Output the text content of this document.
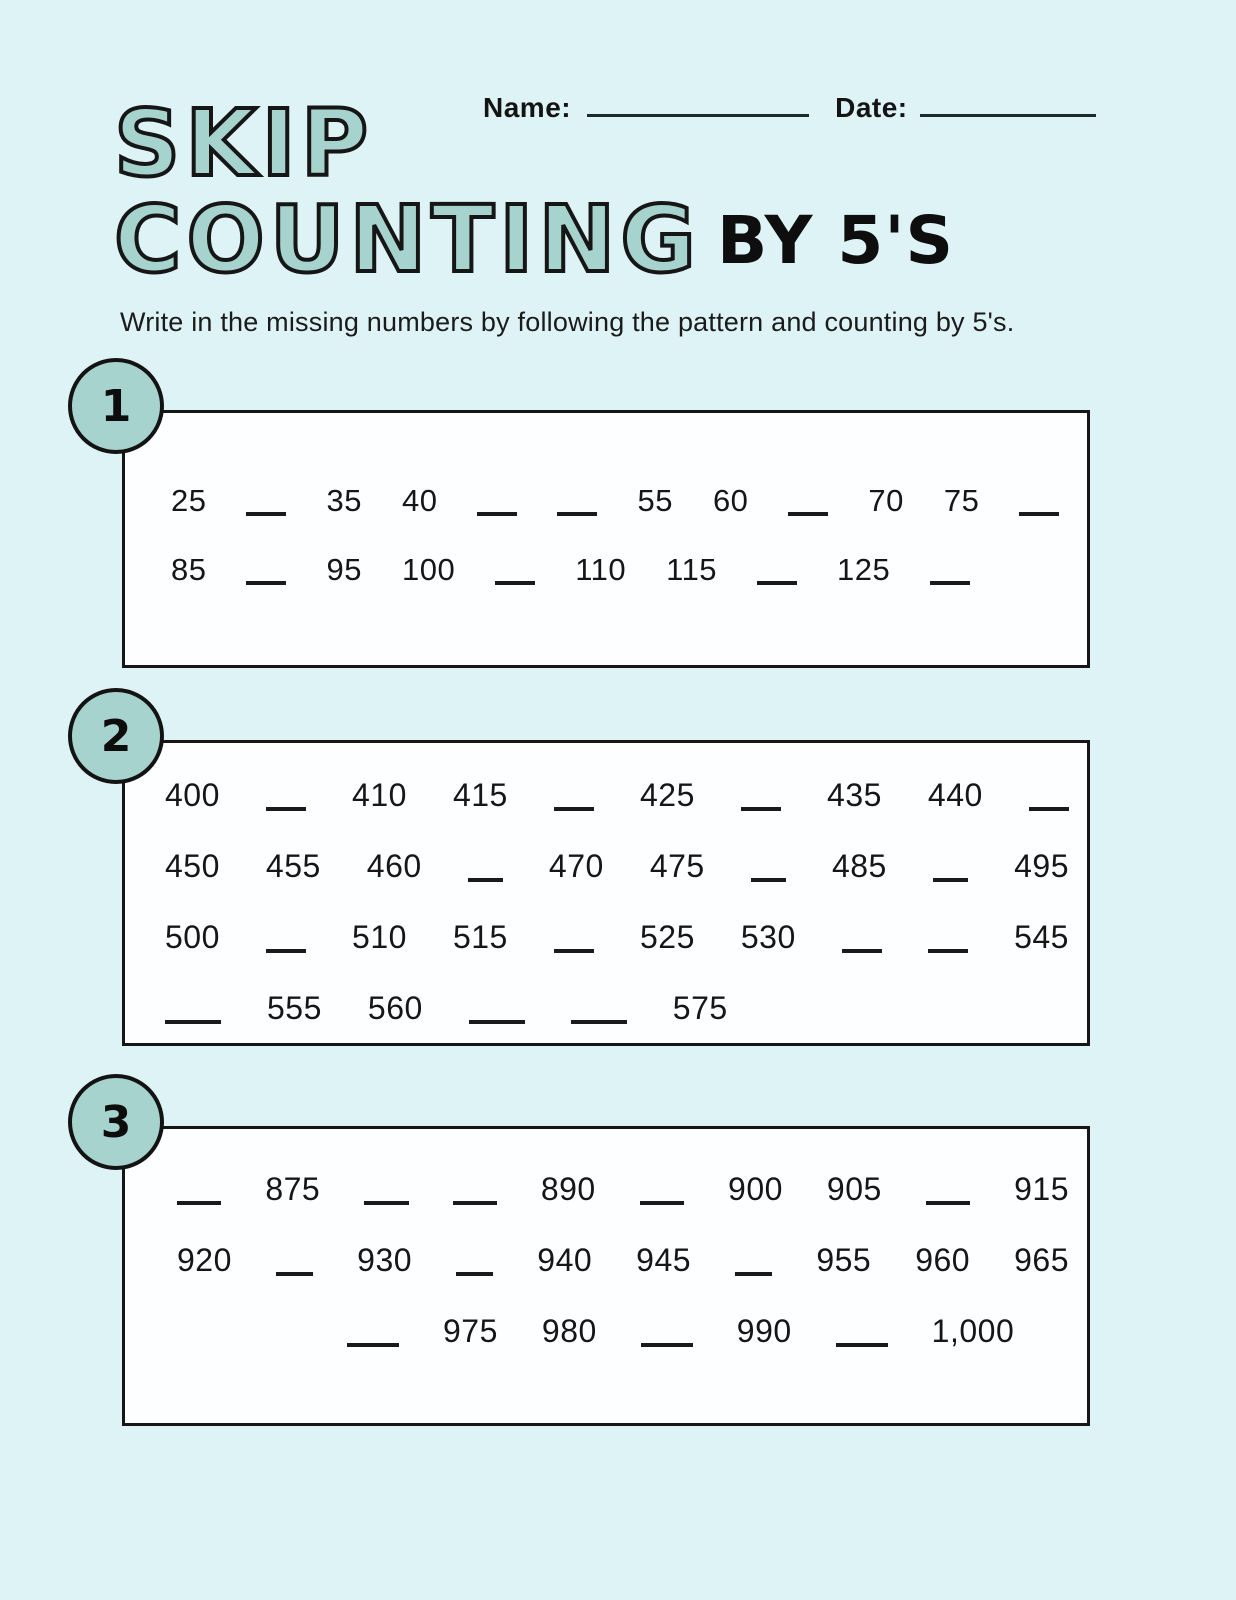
Name:	Date:
SKIP
COUNTING BY 5'S
Write in the missing numbers by following the pattern and counting by 5's.
1
25	35 40	55 60	70 75
85	95 100	110 115	125
2
400	410 415	425	435 440
450 455 460	470 475	485	495
500	510 515	525 530	545
555 560	575
3
875	890	900 905	915
920	930	940 945	955 960 965
975 980	990	1,000
